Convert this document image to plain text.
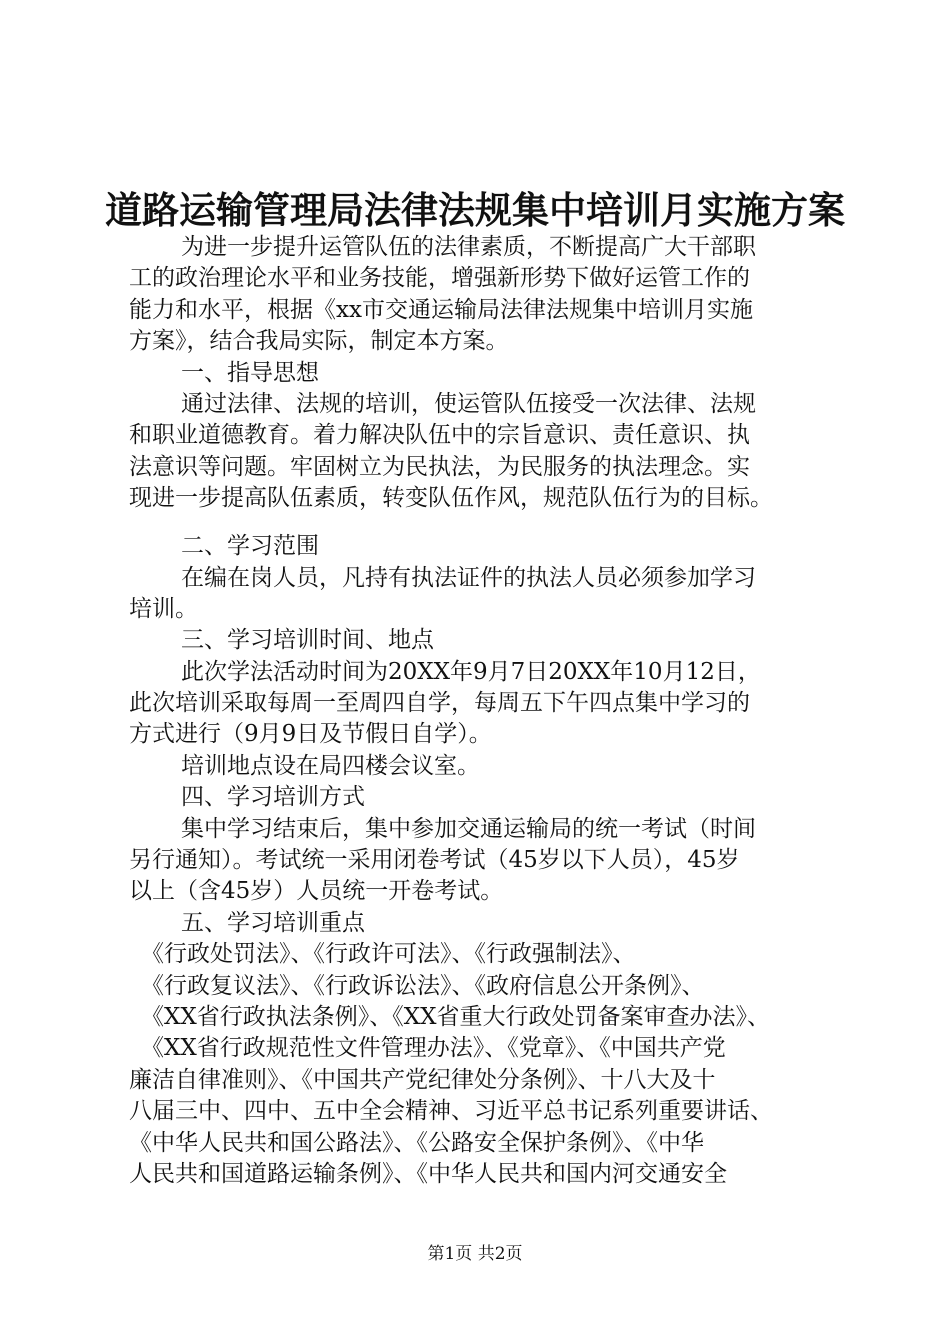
道路运输管理局法律法规集中培训月实施方案
为进一步提升运管队伍的法律素质，不断提高广大干部职
工的政治理论水平和业务技能，增强新形势下做好运管工作的
能力和水平，根据《xx市交通运输局法律法规集中培训月实施
方案》，结合我局实际，制定本方案。
一、指导思想
通过法律、法规的培训，使运管队伍接受一次法律、法规
和职业道德教育。着力解决队伍中的宗旨意识、责任意识、执
法意识等问题。牢固树立为民执法，为民服务的执法理念。实
现进一步提高队伍素质，转变队伍作风，规范队伍行为的目标。
二、学习范围
在编在岗人员，凡持有执法证件的执法人员必须参加学习
培训。
三、学习培训时间、地点
此次学法活动时间为20XX年9月7日20XX年10月12日，
此次培训采取每周一至周四自学，每周五下午四点集中学习的
方式进行（9月9日及节假日自学）。
培训地点设在局四楼会议室。
四、学习培训方式
集中学习结束后，集中参加交通运输局的统一考试（时间
另行通知）。考试统一采用闭卷考试（45岁以下人员），45岁
以上（含45岁）人员统一开卷考试。
五、学习培训重点
《行政处罚法》、《行政许可法》、《行政强制法》、
《行政复议法》、《行政诉讼法》、《政府信息公开条例》、
《XX省行政执法条例》、《XX省重大行政处罚备案审查办法》、
《XX省行政规范性文件管理办法》、《党章》、《中国共产党
廉洁自律准则》、《中国共产党纪律处分条例》、十八大及十
八届三中、四中、五中全会精神、习近平总书记系列重要讲话、
《中华人民共和国公路法》、《公路安全保护条例》、《中华
人民共和国道路运输条例》、《中华人民共和国内河交通安全
第1页 共2页
